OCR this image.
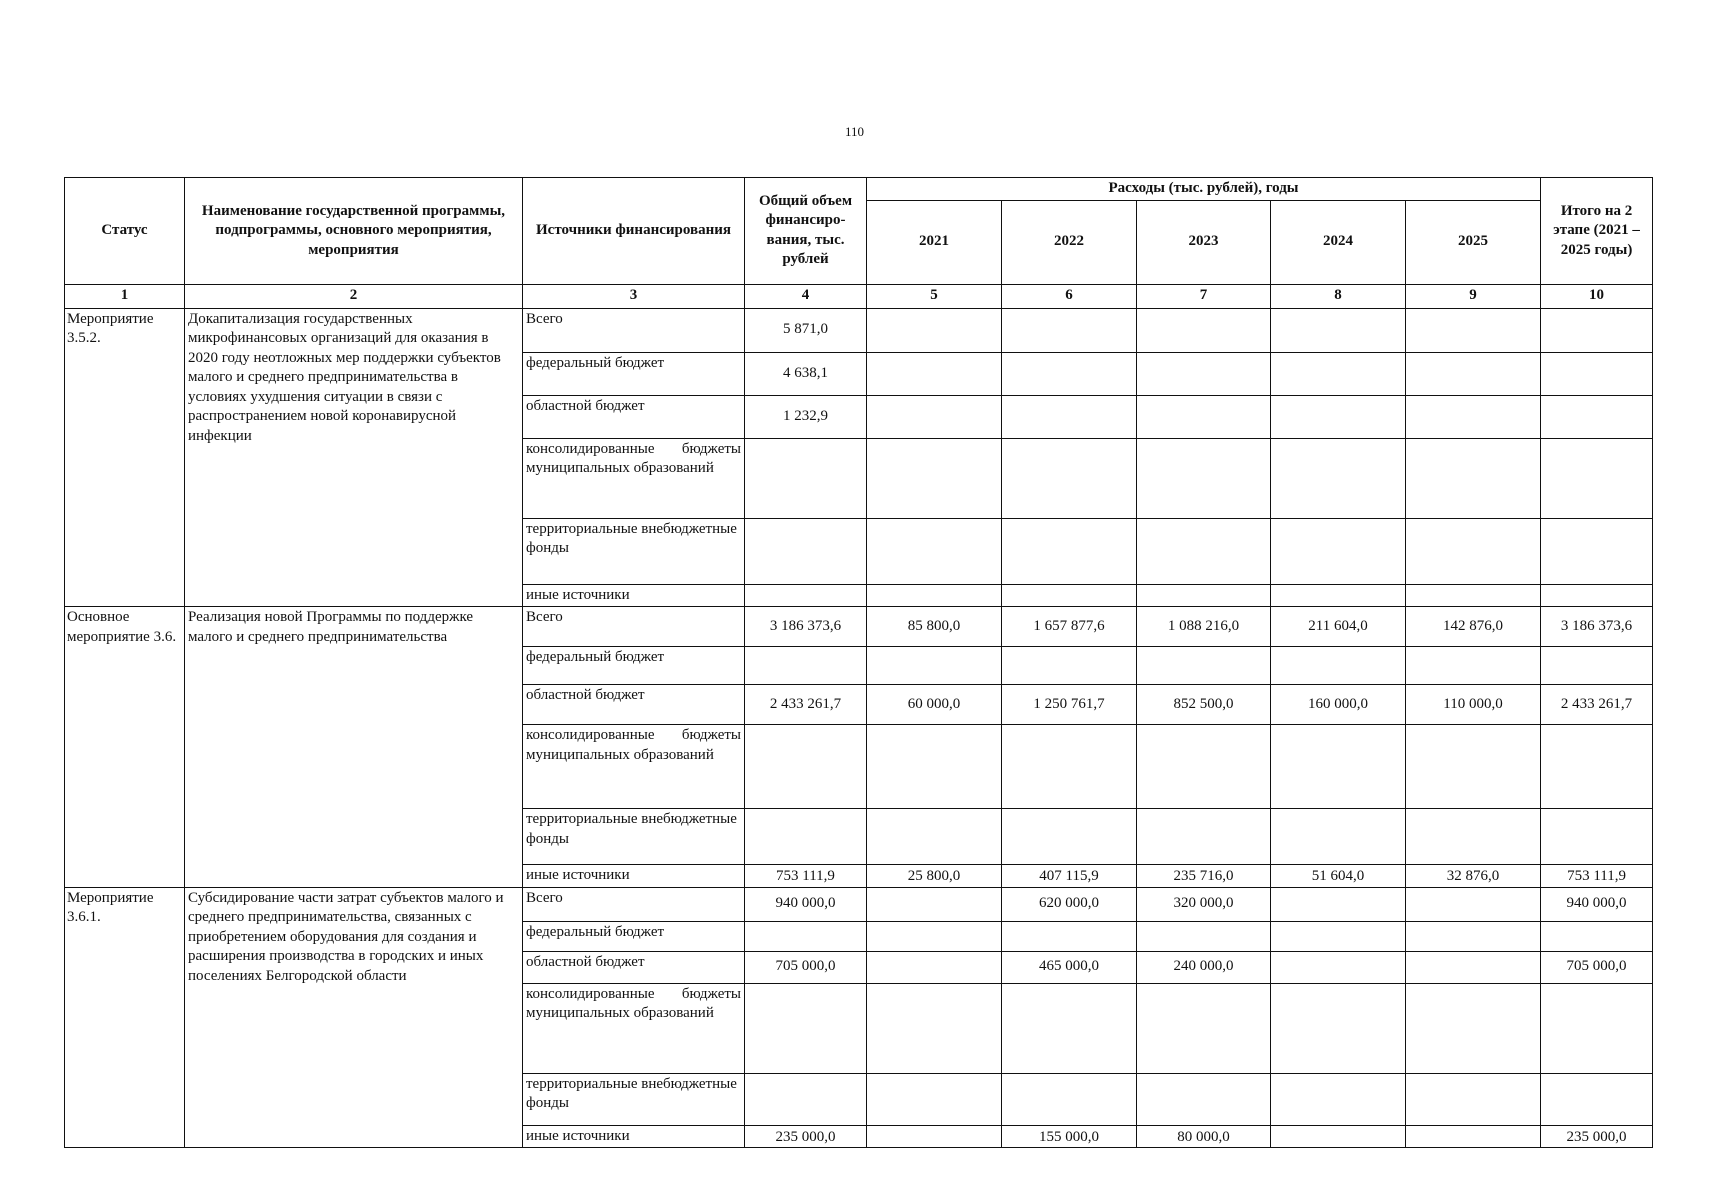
110
Статус	Наименование государственной программы, подпрограммы, основного мероприятия, мероприятия	Источники финансирования	Общий объем финансиро-вания, тыс. рублей	Расходы (тыс. рублей), годы					Итого на 2 этапе (2021 – 2025 годы)
				2021	2022	2023	2024	2025	
1	2	3	4	5	6	7	8	9	10
Мероприятие 3.5.2.	Докапитализация государственных микрофинансовых организаций для оказания в 2020 году неотложных мер поддержки субъектов малого и среднего предпринимательства в условиях ухудшения ситуации в связи с распространением новой коронавирусной инфекции	Всего	5 871,0						
		федеральный бюджет	4 638,1						
		областной бюджет	1 232,9						
		консолидированные бюджеты муниципальных образований							
		территориальные внебюджетные фонды							
		иные источники							
Основное мероприятие 3.6.	Реализация новой Программы по поддержке малого и среднего предпринимательства	Всего	3 186 373,6	85 800,0	1 657 877,6	1 088 216,0	211 604,0	142 876,0	3 186 373,6
		федеральный бюджет							
		областной бюджет	2 433 261,7	60 000,0	1 250 761,7	852 500,0	160 000,0	110 000,0	2 433 261,7
		консолидированные бюджеты муниципальных образований							
		территориальные внебюджетные фонды							
		иные источники	753 111,9	25 800,0	407 115,9	235 716,0	51 604,0	32 876,0	753 111,9
Мероприятие 3.6.1.	Субсидирование части затрат субъектов малого и среднего предпринимательства, связанных с приобретением оборудования для создания и расширения производства в городских и иных поселениях Белгородской области	Всего	940 000,0		620 000,0	320 000,0			940 000,0
		федеральный бюджет							
		областной бюджет	705 000,0		465 000,0	240 000,0			705 000,0
		консолидированные бюджеты муниципальных образований							
		территориальные внебюджетные фонды							
		иные источники	235 000,0		155 000,0	80 000,0			235 000,0
